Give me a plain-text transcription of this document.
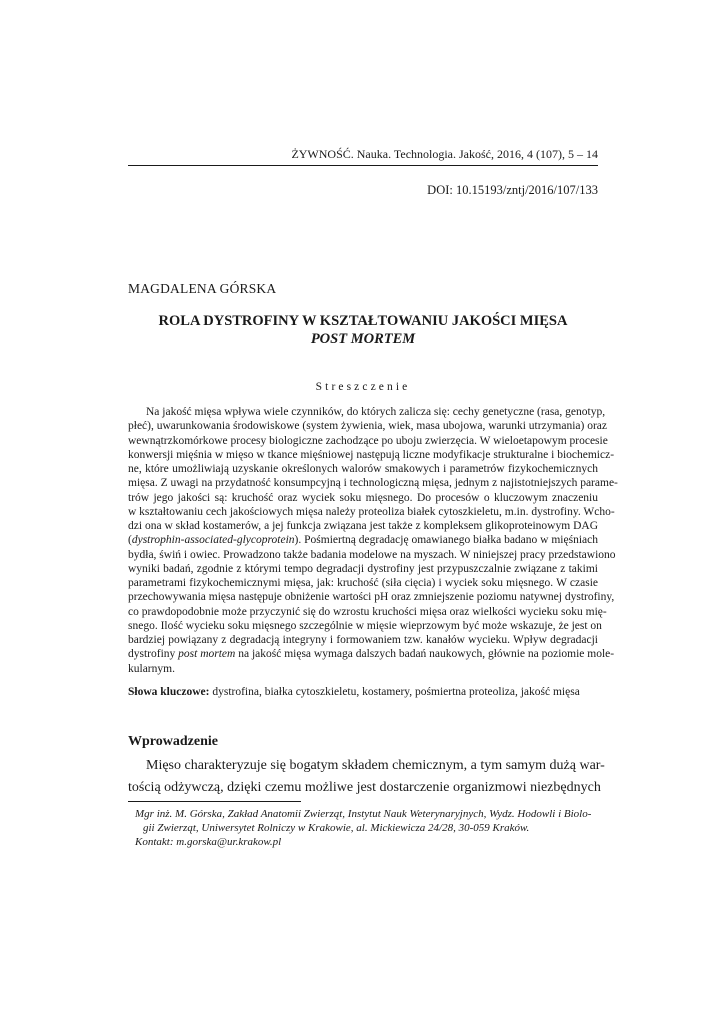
ŻYWNOŚĆ. Nauka. Technologia. Jakość, 2016, 4 (107), 5 – 14
DOI: 10.15193/zntj/2016/107/133
MAGDALENA GÓRSKA
ROLA DYSTROFINY W KSZTAŁTOWANIU JAKOŚCI MIĘSA
POST MORTEM
Streszczenie
Na jakość mięsa wpływa wiele czynników, do których zalicza się: cechy genetyczne (rasa, genotyp,
płeć), uwarunkowania środowiskowe (system żywienia, wiek, masa ubojowa, warunki utrzymania) oraz
wewnątrzkomórkowe procesy biologiczne zachodzące po uboju zwierzęcia. W wieloetapowym procesie
konwersji mięśnia w mięso w tkance mięśniowej następują liczne modyfikacje strukturalne i biochemicz-
ne, które umożliwiają uzyskanie określonych walorów smakowych i parametrów fizykochemicznych
mięsa. Z uwagi na przydatność konsumpcyjną i technologiczną mięsa, jednym z najistotniejszych parame-
trów jego jakości są: kruchość oraz wyciek soku mięsnego. Do procesów o kluczowym znaczeniu
w kształtowaniu cech jakościowych mięsa należy proteoliza białek cytoszkieletu, m.in. dystrofiny. Wcho-
dzi ona w skład kostamerów, a jej funkcja związana jest także z kompleksem glikoproteinowym DAG
(dystrophin-associated-glycoprotein). Pośmiertną degradację omawianego białka badano w mięśniach
bydła, świń i owiec. Prowadzono także badania modelowe na myszach. W niniejszej pracy przedstawiono
wyniki badań, zgodnie z którymi tempo degradacji dystrofiny jest przypuszczalnie związane z takimi
parametrami fizykochemicznymi mięsa, jak: kruchość (siła cięcia) i wyciek soku mięsnego. W czasie
przechowywania mięsa następuje obniżenie wartości pH oraz zmniejszenie poziomu natywnej dystrofiny,
co prawdopodobnie może przyczynić się do wzrostu kruchości mięsa oraz wielkości wycieku soku mię-
snego. Ilość wycieku soku mięsnego szczególnie w mięsie wieprzowym być może wskazuje, że jest on
bardziej powiązany z degradacją integryny i formowaniem tzw. kanałów wycieku. Wpływ degradacji
dystrofiny post mortem na jakość mięsa wymaga dalszych badań naukowych, głównie na poziomie mole-
kularnym.
Słowa kluczowe: dystrofina, białka cytoszkieletu, kostamery, pośmiertna proteoliza, jakość mięsa
Wprowadzenie
Mięso charakteryzuje się bogatym składem chemicznym, a tym samym dużą war-
tością odżywczą, dzięki czemu możliwe jest dostarczenie organizmowi niezbędnych
Mgr inż. M. Górska, Zakład Anatomii Zwierząt, Instytut Nauk Weterynaryjnych, Wydz. Hodowli i Biolo-
gii Zwierząt, Uniwersytet Rolniczy w Krakowie, al. Mickiewicza 24/28, 30-059 Kraków.
Kontakt: m.gorska@ur.krakow.pl
